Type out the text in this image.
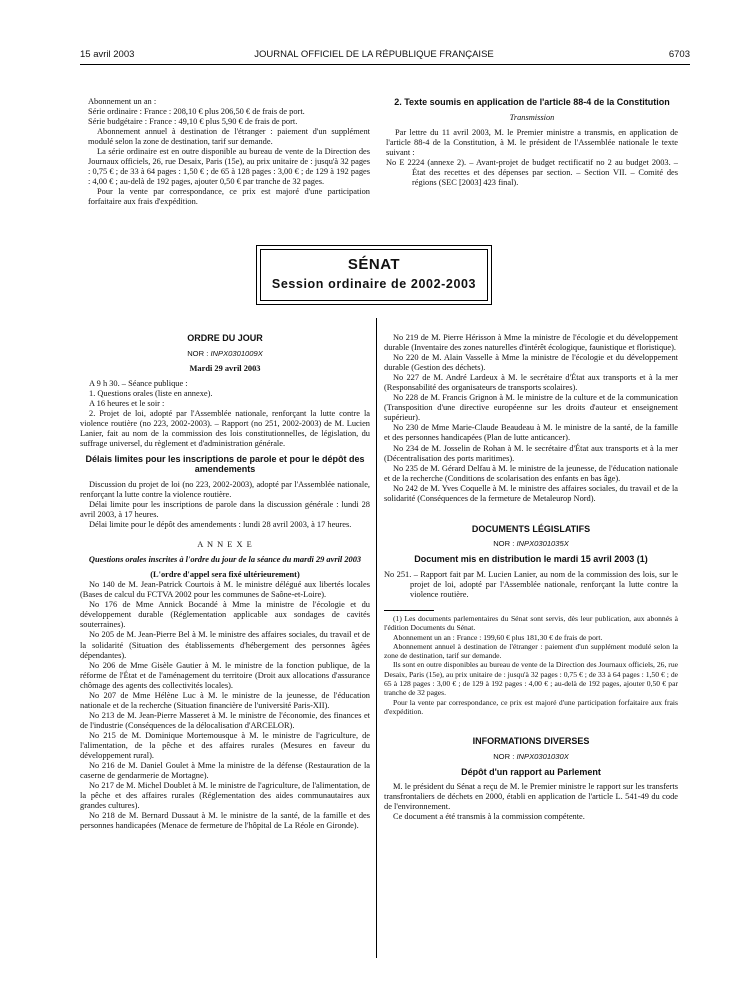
15 avril 2003	JOURNAL OFFICIEL DE LA RÉPUBLIQUE FRANÇAISE	6703

Abonnement un an :

Série ordinaire : France : 208,10 € plus 206,50 € de frais de port.

Série budgétaire : France : 49,10 € plus 5,90 € de frais de port.

Abonnement annuel à destination de l'étranger : paiement d'un supplément modulé selon la zone de destination, tarif sur demande.

La série ordinaire est en outre disponible au bureau de vente de la Direction des Journaux officiels, 26, rue Desaix, Paris (15e), au prix unitaire de : jusqu'à 32 pages : 0,75 € ; de 33 à 64 pages : 1,50 € ; de 65 à 128 pages : 3,00 € ; de 129 à 192 pages : 4,00 € ; au-delà de 192 pages, ajouter 0,50 € par tranche de 32 pages.

Pour la vente par correspondance, ce prix est majoré d'une participation forfaitaire aux frais d'expédition.

2. Texte soumis en application de l'article 88-4 de la Constitution

Transmission

Par lettre du 11 avril 2003, M. le Premier ministre a transmis, en application de l'article 88-4 de la Constitution, à M. le président de l'Assemblée nationale le texte suivant :

No E 2224 (annexe 2). – Avant-projet de budget rectificatif no 2 au budget 2003. – État des recettes et des dépenses par section. – Section VII. – Comité des régions (SEC [2003] 423 final).

SÉNAT
Session ordinaire de 2002-2003

ORDRE DU JOUR

NOR : INPX0301009X

Mardi 29 avril 2003

A 9 h 30. – Séance publique :

1. Questions orales (liste en annexe).

A 16 heures et le soir :

2. Projet de loi, adopté par l'Assemblée nationale, renforçant la lutte contre la violence routière (no 223, 2002-2003). – Rapport (no 251, 2002-2003) de M. Lucien Lanier, fait au nom de la commission des lois constitutionnelles, de législation, du suffrage universel, du règlement et d'administration générale.

Délais limites pour les inscriptions de parole et pour le dépôt des amendements

Discussion du projet de loi (no 223, 2002-2003), adopté par l'Assemblée nationale, renforçant la lutte contre la violence routière.

Délai limite pour les inscriptions de parole dans la discussion générale : lundi 28 avril 2003, à 17 heures.

Délai limite pour le dépôt des amendements : lundi 28 avril 2003, à 17 heures.

A N N E X E

Questions orales inscrites à l'ordre du jour de la séance du mardi 29 avril 2003

(L'ordre d'appel sera fixé ultérieurement)

No 140 de M. Jean-Patrick Courtois à M. le ministre délégué aux libertés locales (Bases de calcul du FCTVA 2002 pour les communes de Saône-et-Loire).

No 176 de Mme Annick Bocandé à Mme la ministre de l'écologie et du développement durable (Réglementation applicable aux sondages de cavités souterraines).

No 205 de M. Jean-Pierre Bel à M. le ministre des affaires sociales, du travail et de la solidarité (Situation des établissements d'hébergement des personnes âgées dépendantes).

No 206 de Mme Gisèle Gautier à M. le ministre de la fonction publique, de la réforme de l'État et de l'aménagement du territoire (Droit aux allocations d'assurance chômage des agents des collectivités locales).

No 207 de Mme Hélène Luc à M. le ministre de la jeunesse, de l'éducation nationale et de la recherche (Situation financière de l'université Paris-XII).

No 213 de M. Jean-Pierre Masseret à M. le ministre de l'économie, des finances et de l'industrie (Conséquences de la délocalisation d'ARCELOR).

No 215 de M. Dominique Mortemousque à M. le ministre de l'agriculture, de l'alimentation, de la pêche et des affaires rurales (Mesures en faveur du développement rural).

No 216 de M. Daniel Goulet à Mme la ministre de la défense (Restauration de la caserne de gendarmerie de Mortagne).

No 217 de M. Michel Doublet à M. le ministre de l'agriculture, de l'alimentation, de la pêche et des affaires rurales (Réglementation des aides communautaires aux grandes cultures).

No 218 de M. Bernard Dussaut à M. le ministre de la santé, de la famille et des personnes handicapées (Menace de fermeture de l'hôpital de La Réole en Gironde).

No 219 de M. Pierre Hérisson à Mme la ministre de l'écologie et du développement durable (Inventaire des zones naturelles d'intérêt écologique, faunistique et floristique).

No 220 de M. Alain Vasselle à Mme la ministre de l'écologie et du développement durable (Gestion des déchets).

No 227 de M. André Lardeux à M. le secrétaire d'État aux transports et à la mer (Responsabilité des organisateurs de transports scolaires).

No 228 de M. Francis Grignon à M. le ministre de la culture et de la communication (Transposition d'une directive européenne sur les droits d'auteur et enseignement supérieur).

No 230 de Mme Marie-Claude Beaudeau à M. le ministre de la santé, de la famille et des personnes handicapées (Plan de lutte anticancer).

No 234 de M. Josselin de Rohan à M. le secrétaire d'État aux transports et à la mer (Décentralisation des ports maritimes).

No 235 de M. Gérard Delfau à M. le ministre de la jeunesse, de l'éducation nationale et de la recherche (Conditions de scolarisation des enfants en bas âge).

No 242 de M. Yves Coquelle à M. le ministre des affaires sociales, du travail et de la solidarité (Conséquences de la fermeture de Metaleurop Nord).

DOCUMENTS LÉGISLATIFS

NOR : INPX0301035X

Document mis en distribution le mardi 15 avril 2003 (1)

No 251. – Rapport fait par M. Lucien Lanier, au nom de la commission des lois, sur le projet de loi, adopté par l'Assemblée nationale, renforçant la lutte contre la violence routière.

(1) Les documents parlementaires du Sénat sont servis, dès leur publication, aux abonnés à l'édition Documents du Sénat.

Abonnement un an : France : 199,60 € plus 181,30 € de frais de port.

Abonnement annuel à destination de l'étranger : paiement d'un supplément modulé selon la zone de destination, tarif sur demande.

Ils sont en outre disponibles au bureau de vente de la Direction des Journaux officiels, 26, rue Desaix, Paris (15e), au prix unitaire de : jusqu'à 32 pages : 0,75 € ; de 33 à 64 pages : 1,50 € ; de 65 à 128 pages : 3,00 € ; de 129 à 192 pages : 4,00 € ; au-delà de 192 pages, ajouter 0,50 € par tranche de 32 pages.

Pour la vente par correspondance, ce prix est majoré d'une participation forfaitaire aux frais d'expédition.

INFORMATIONS DIVERSES

NOR : INPX0301030X

Dépôt d'un rapport au Parlement

M. le président du Sénat a reçu de M. le Premier ministre le rapport sur les transferts transfrontaliers de déchets en 2000, établi en application de l'article L. 541-49 du code de l'environnement.

Ce document a été transmis à la commission compétente.
